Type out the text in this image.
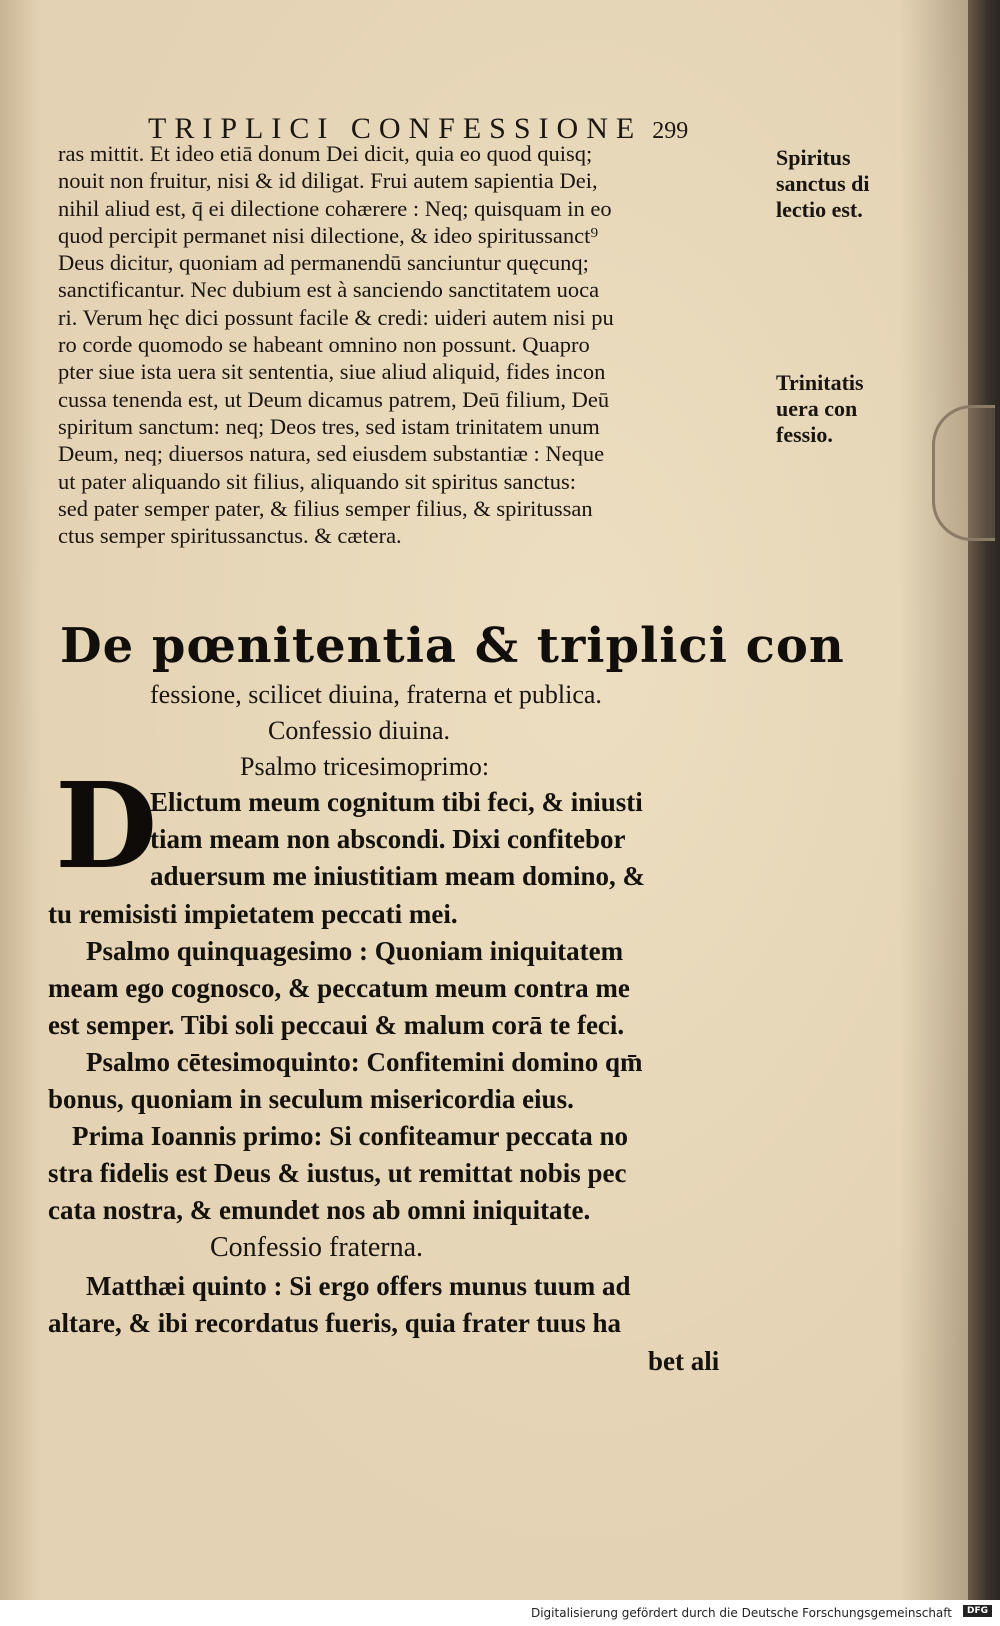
TRIPLICI CONFESSIONE 299
ras mittit. Et ideo etiā donum Dei dicit, quia eo quod quisq;
nouit non fruitur, nisi & id diligat. Frui autem sapientia Dei,
nihil aliud est, q̄ ei dilectione cohærere : Neq; quisquam in eo
quod percipit permanet nisi dilectione, & ideo spiritussanct⁹
Deus dicitur, quoniam ad permanendū sanciuntur quęcunq;
sanctificantur. Nec dubium est à sanciendo sanctitatem uoca
ri. Verum hęc dici possunt facile & credi: uideri autem nisi pu
ro corde quomodo se habeant omnino non possunt. Quapro
pter siue ista uera sit sententia, siue aliud aliquid, fides incon
cussa tenenda est, ut Deum dicamus patrem, Deū filium, Deū
spiritum sanctum: neq; Deos tres, sed istam trinitatem unum
Deum, neq; diuersos natura, sed eiusdem substantiæ : Neque
ut pater aliquando sit filius, aliquando sit spiritus sanctus:
sed pater semper pater, & filius semper filius, & spiritussan
ctus semper spiritussanctus. & cætera.
Spiritus
sanctus di
lectio est.
Trinitatis
uera con
fessio.
De pœnitentia & triplici con
fessione, scilicet diuina, fraterna et publica.
Confessio diuina.
Psalmo tricesimoprimo:
D
Elictum meum cognitum tibi feci, & iniusti
tiam meam non abscondi. Dixi confitebor
aduersum me iniustitiam meam domino, &
tu remisisti impietatem peccati mei.
Psalmo quinquagesimo : Quoniam iniquitatem
meam ego cognosco, & peccatum meum contra me
est semper. Tibi soli peccaui & malum corā te feci.
Psalmo cētesimoquinto: Confitemini domino qm̄
bonus, quoniam in seculum misericordia eius.
Prima Ioannis primo: Si confiteamur peccata no
stra fidelis est Deus & iustus, ut remittat nobis pec
cata nostra, & emundet nos ab omni iniquitate.
Confessio fraterna.
Matthæi quinto : Si ergo offers munus tuum ad
altare, & ibi recordatus fueris, quia frater tuus ha
bet ali
Digitalisierung gefördert durch die Deutsche Forschungsgemeinschaft	DFG
